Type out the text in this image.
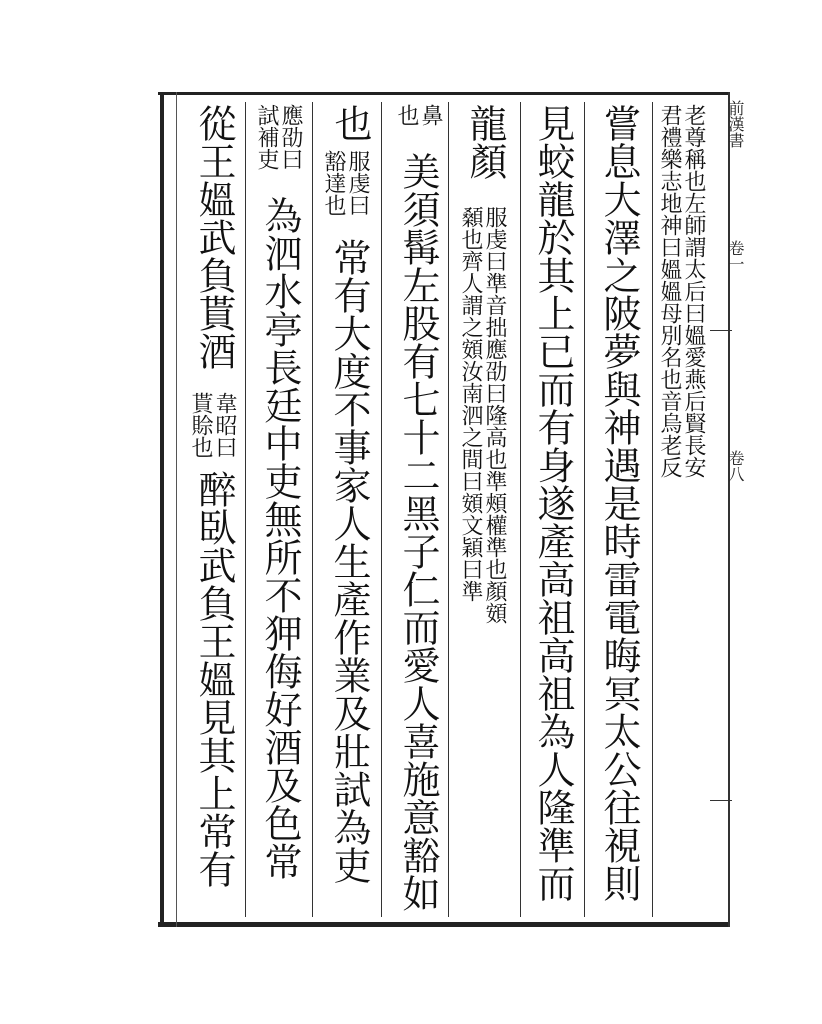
老尊稱也左師謂太后曰媼愛燕后賢長安
君禮樂志地神曰媼媼母別名也音烏老反
嘗息大澤之陂夢與神遇是時雷電晦冥太公往視則
見蛟龍於其上已而有身遂產高祖高祖為人隆準而
龍顏
服虔曰準音拙應劭曰隆高也準頰權準也顏頞
顙也齊人謂之頞汝南泗之間曰頞文穎曰準
鼻
也
美須髯左股有七十二黑子仁而愛人喜施意豁如
也
服虔曰
豁達也
常有大度不事家人生產作業及壯試為吏
應劭曰
試補吏
為泗水亭長廷中吏無所不狎侮好酒及色常
從王媼武負貰酒
韋昭曰
貰賒也
醉臥武負王媼見其上常有
前漢書
卷一
卷八
